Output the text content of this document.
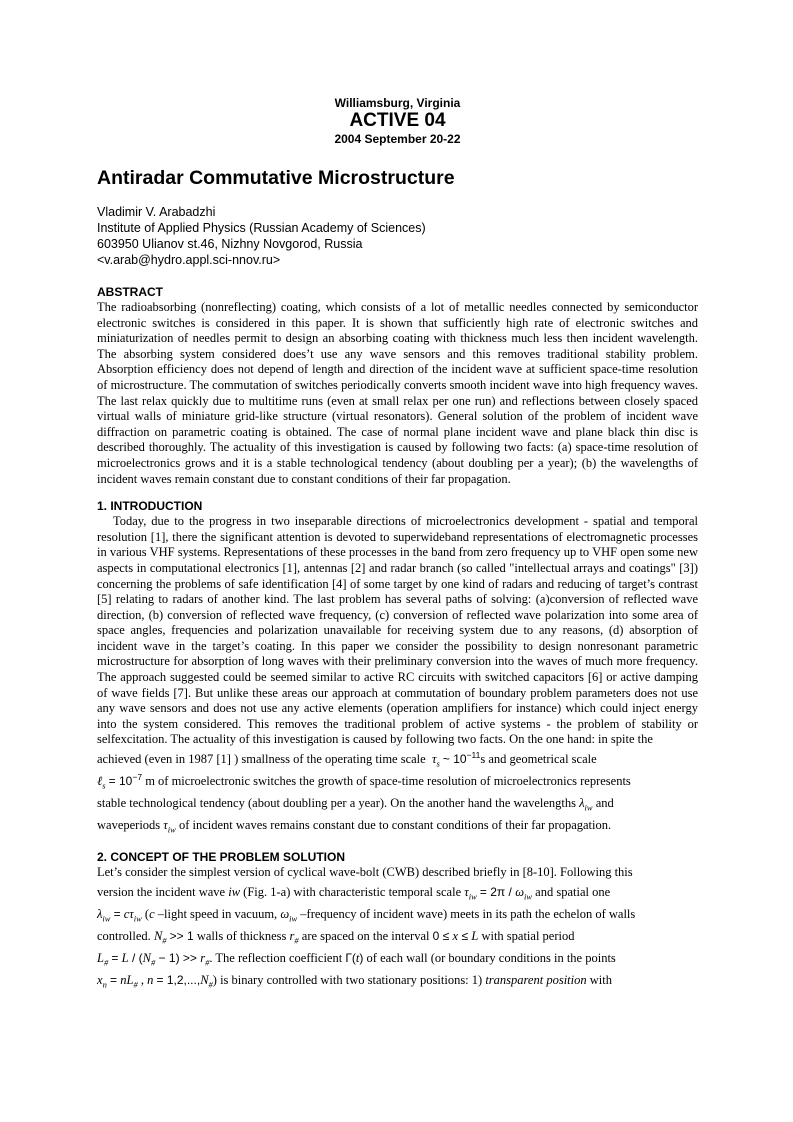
Williamsburg, Virginia
ACTIVE 04
2004 September 20-22
Antiradar Commutative Microstructure
Vladimir V. Arabadzhi
Institute of Applied Physics (Russian Academy of Sciences)
603950 Ulianov st.46, Nizhny Novgorod, Russia
<v.arab@hydro.appl.sci-nnov.ru>
ABSTRACT

The radioabsorbing (nonreflecting) coating, which consists of a lot of metallic needles connected by semiconductor electronic switches is considered in this paper. It is shown that sufficiently high rate of electronic switches and miniaturization of needles permit to design an absorbing coating with thickness much less then incident wavelength. The absorbing system considered does’t use any wave sensors and this removes traditional stability problem. Absorption efficiency does not depend of length and direction of the incident wave at sufficient space-time resolution of microstructure. The commutation of switches periodically converts smooth incident wave into high frequency waves. The last relax quickly due to multitime runs (even at small relax per one run) and reflections between closely spaced virtual walls of miniature grid-like structure (virtual resonators). General solution of the problem of incident wave diffraction on parametric coating is obtained. The case of normal plane incident wave and plane black thin disc is described thoroughly. The actuality of this investigation is caused by following two facts: (a) space-time resolution of microelectronics grows and it is a stable technological tendency (about doubling per a year); (b) the wavelengths of incident waves remain constant due to constant conditions of their far propagation.

1. INTRODUCTION

Today, due to the progress in two inseparable directions of microelectronics development - spatial and temporal resolution [1], there the significant attention is devoted to superwideband representations of electromagnetic processes in various VHF systems. Representations of these processes in the band from zero frequency up to VHF open some new aspects in computational electronics [1], antennas [2] and radar branch (so called "intellectual arrays and coatings" [3]) concerning the problems of safe identification [4] of some target by one kind of radars and reducing of target’s contrast [5] relating to radars of another kind. The last problem has several paths of solving: (a)conversion of reflected wave direction, (b) conversion of reflected wave frequency, (c) conversion of reflected wave polarization into some area of space angles, frequencies and polarization unavailable for receiving system due to any reasons, (d) absorption of incident wave in the target’s coating. In this paper we consider the possibility to design nonresonant parametric microstructure for absorption of long waves with their preliminary conversion into the waves of much more frequency. The approach suggested could be seemed similar to active RC circuits with switched capacitors [6] or active damping of wave fields [7]. But unlike these areas our approach at commutation of boundary problem parameters does not use any wave sensors and does not use any active elements (operation amplifiers for instance) which could inject energy into the system considered. This removes the traditional problem of active systems - the problem of stability or selfexcitation. The actuality of this investigation is caused by following two facts. On the one hand: in spite the

achieved (even in 1987 [1] ) smallness of the operating time scale $\tau_s$ ~ $10^{-11}s$ and geometrical scale

ℓ$_s$ = $10^{-7}$ m of microelectronic switches the growth of space-time resolution of microelectronics represents

stable technological tendency (about doubling per a year). On the another hand the wavelengths $\lambda_{iw}$ and

waveperiods $\tau_{iw}$ of incident waves remains constant due to constant conditions of their far propagation.

2. CONCEPT OF THE PROBLEM SOLUTION

Let’s consider the simplest version of cyclical wave-bolt (CWB) described briefly in [8-10]. Following this

version the incident wave iw (Fig. 1-a) with characteristic temporal scale $\tau_{iw} = 2\pi / \omega_{iw}$ and spatial one

$\lambda_{iw} = c\tau_{iw}$ (c –light speed in vacuum, $\omega_{iw}$ –frequency of incident wave) meets in its path the echelon of walls

controlled. $N_{\#} >> 1$ walls of thickness $r_{\#}$ are spaced on the interval 0 ≤ x ≤ L with spatial period

$L_{\#} = L / (N_{\#} - 1) >> r_{\#}$. The reflection coefficient Γ(t) of each wall (or boundary conditions in the points

$x_n = nL_{\#}$ , $n = 1,2,...,N_{\#}$) is binary controlled with two stationary positions: 1) transparent position with
